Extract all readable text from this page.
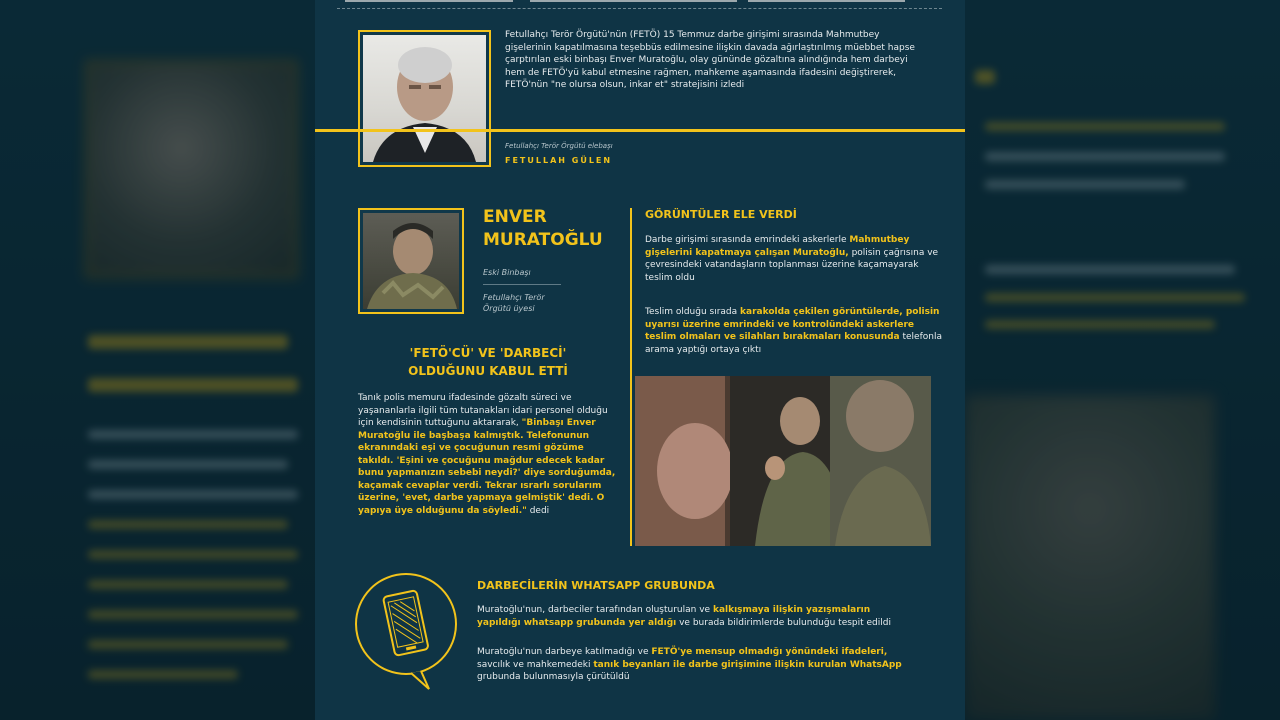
Fetullahçı Terör Örgütü'nün (FETÖ) 15 Temmuz darbe girişimi sırasında Mahmutbey gişelerinin kapatılmasına teşebbüs edilmesine ilişkin davada ağırlaştırılmış müebbet hapse çarptırılan eski binbaşı Enver Muratoğlu, olay gününde gözaltına alındığında hem darbeyi hem de FETÖ'yü kabul etmesine rağmen, mahkeme aşamasında ifadesini değiştirerek, FETÖ'nün "ne olursa olsun, inkar et" stratejisini izledi
Fetullahçı Terör Örgütü elebaşı
FETULLAH GÜLEN
ENVER
MURATOĞLU
Eski Binbaşı
Fetullahçı Terör Örgütü üyesi
'FETÖ'CÜ' VE 'DARBECİ'
OLDUĞUNU KABUL ETTİ
Tanık polis memuru ifadesinde gözaltı süreci ve yaşananlarla ilgili tüm tutanakları idari personel olduğu için kendisinin tuttuğunu aktararak, "Binbaşı Enver Muratoğlu ile başbaşa kalmıştık. Telefonunun ekranındaki eşi ve çocuğunun resmi gözüme takıldı. 'Eşini ve çocuğunu mağdur edecek kadar bunu yapmanızın sebebi neydi?' diye sorduğumda, kaçamak cevaplar verdi. Tekrar ısrarlı sorularım üzerine, 'evet, darbe yapmaya gelmiştik' dedi. O yapıya üye olduğunu da söyledi." dedi
GÖRÜNTÜLER ELE VERDİ
Darbe girişimi sırasında emrindeki askerlerle Mahmutbey gişelerini kapatmaya çalışan Muratoğlu, polisin çağrısına ve çevresindeki vatandaşların toplanması üzerine kaçamayarak teslim oldu
Teslim olduğu sırada karakolda çekilen görüntülerde, polisin uyarısı üzerine emrindeki ve kontrolündeki askerlere teslim olmaları ve silahları bırakmaları konusunda telefonla arama yaptığı ortaya çıktı
DARBECİLERİN WHATSAPP GRUBUNDA
Muratoğlu'nun, darbeciler tarafından oluşturulan ve kalkışmaya ilişkin yazışmaların yapıldığı whatsapp grubunda yer aldığı ve burada bildirimlerde bulunduğu tespit edildi
Muratoğlu'nun darbeye katılmadığı ve FETÖ'ye mensup olmadığı yönündeki ifadeleri, savcılık ve mahkemedeki tanık beyanları ile darbe girişimine ilişkin kurulan WhatsApp grubunda bulunmasıyla çürütüldü
